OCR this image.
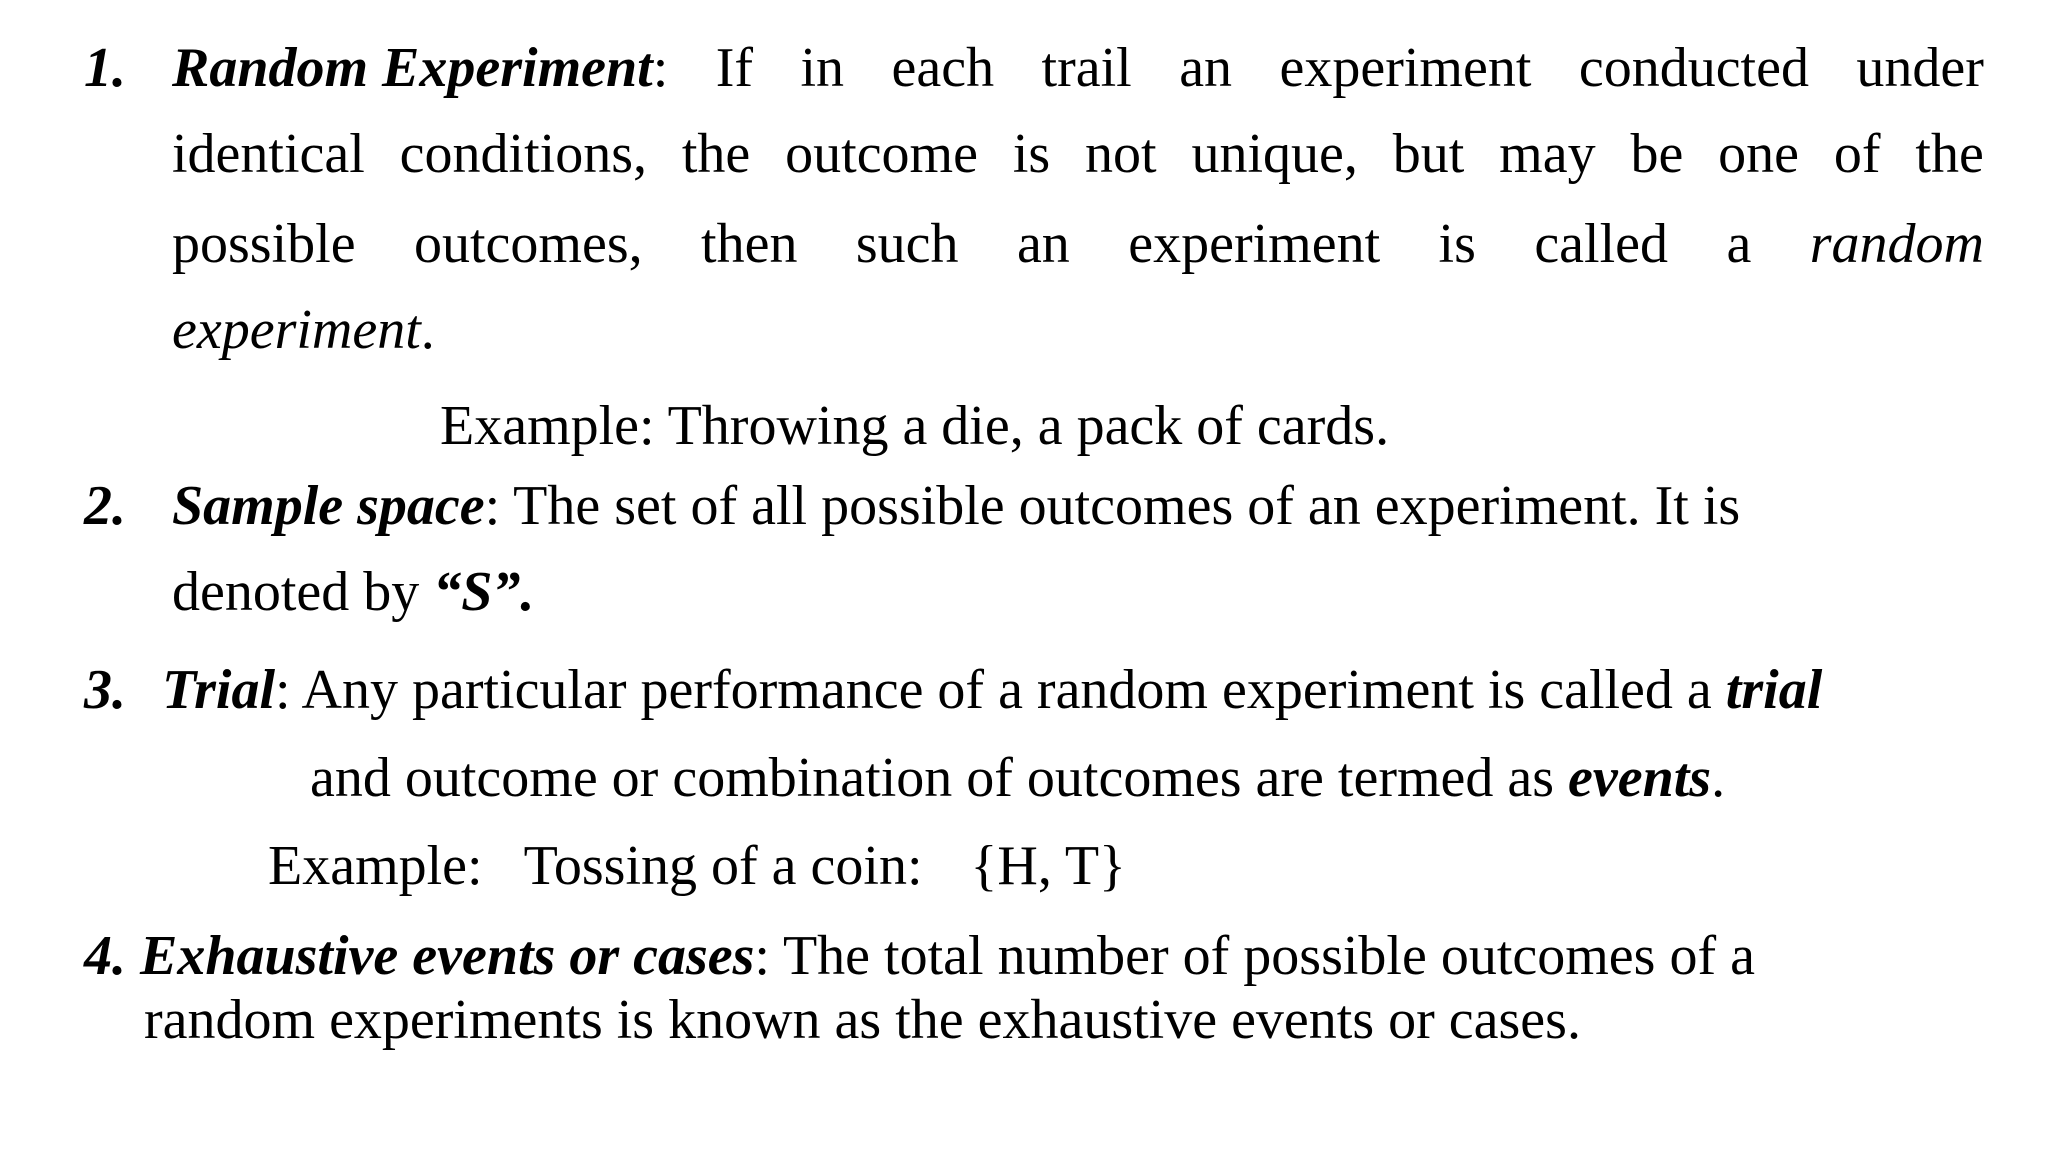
1. Random Experiment: If in each trail an experiment conducted under
identical conditions, the outcome is not unique, but may be one of the
possible outcomes, then such an experiment is called a random
experiment.
Example: Throwing a die, a pack of cards.
2. Sample space: The set of all possible outcomes of an experiment. It is
denoted by “S”.
3. Trial: Any particular performance of a random experiment is called a trial
and outcome or combination of outcomes are termed as events.
Example: Tossing of a coin: {H, T}
4. Exhaustive events or cases: The total number of possible outcomes of a
random experiments is known as the exhaustive events or cases.
